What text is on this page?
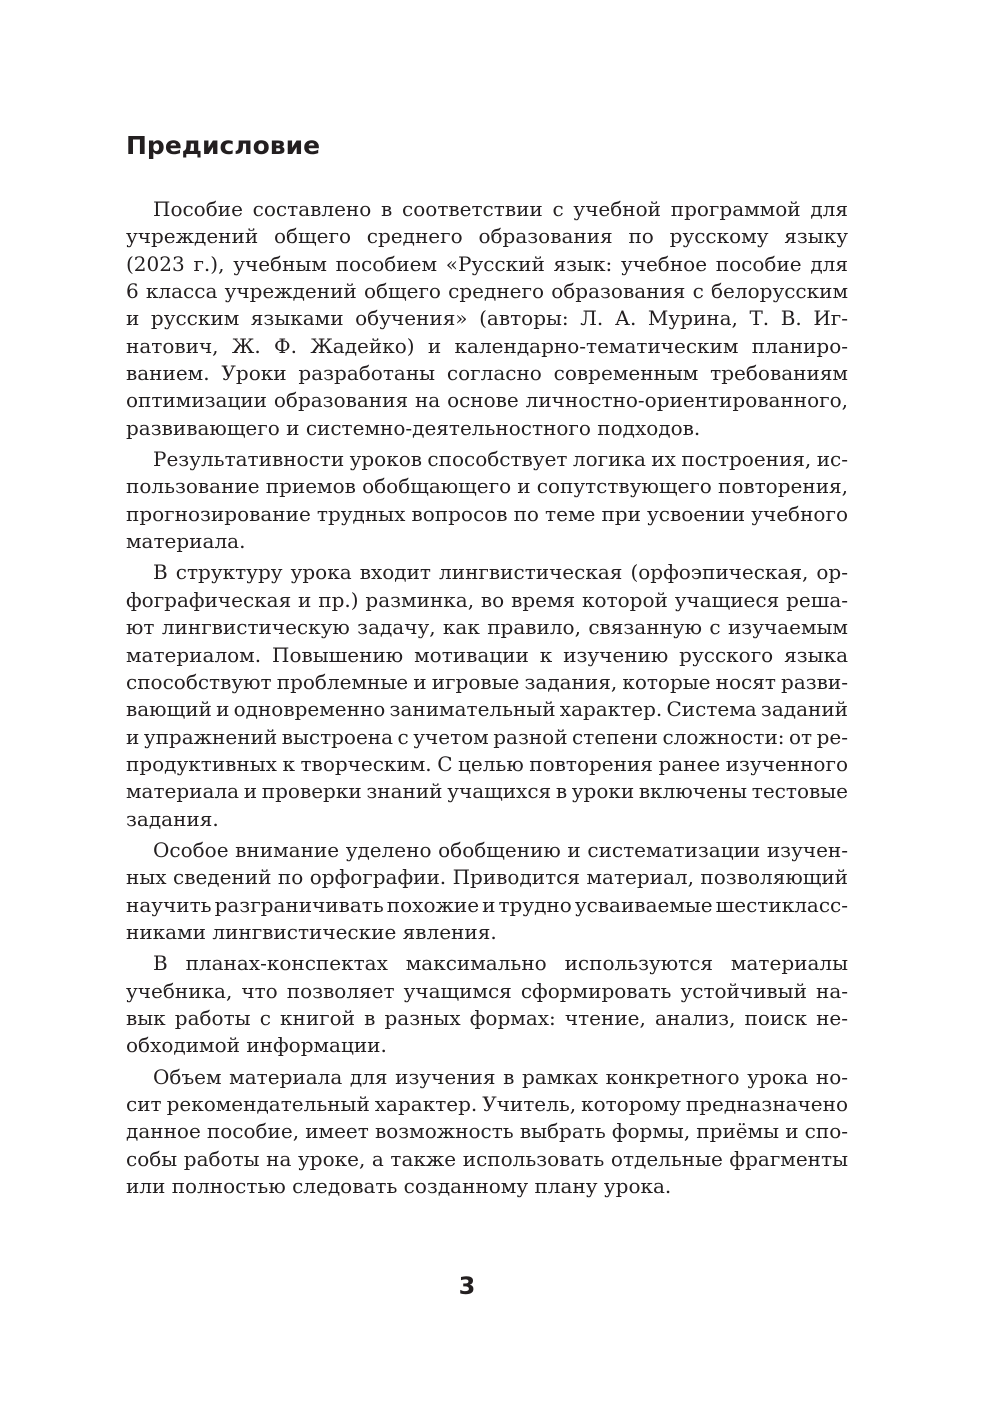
Предисловие
Пособие составлено в соответствии с учебной программой для
учреждений общего среднего образования по русскому языку
(2023 г.), учебным пособием «Русский язык: учебное пособие для
6 класса учреждений общего среднего образования с белорусским
и русским языками обучения» (авторы: Л. А. Мурина, Т. В. Иг-
натович, Ж. Ф. Жадейко) и календарно-тематическим планиро-
ванием. Уроки разработаны согласно современным требованиям
оптимизации образования на основе личностно-ориентированного,
развивающего и системно-деятельностного подходов.
Результативности уроков способствует логика их построения, ис-
пользование приемов обобщающего и сопутствующего повторения,
прогнозирование трудных вопросов по теме при усвоении учебного
материала.
В структуру урока входит лингвистическая (орфоэпическая, ор-
фографическая и пр.) разминка, во время которой учащиеся реша-
ют лингвистическую задачу, как правило, связанную с изучаемым
материалом. Повышению мотивации к изучению русского языка
способствуют проблемные и игровые задания, которые носят разви-
вающий и одновременно занимательный характер. Система заданий
и упражнений выстроена с учетом разной степени сложности: от ре-
продуктивных к творческим. С целью повторения ранее изученного
материала и проверки знаний учащихся в уроки включены тестовые
задания.
Особое внимание уделено обобщению и систематизации изучен-
ных сведений по орфографии. Приводится материал, позволяющий
научить разграничивать похожие и трудно усваиваемые шестикласс-
никами лингвистические явления.
В планах-конспектах максимально используются материалы
учебника, что позволяет учащимся сформировать устойчивый на-
вык работы с книгой в разных формах: чтение, анализ, поиск не-
обходимой информации.
Объем материала для изучения в рамках конкретного урока но-
сит рекомендательный характер. Учитель, которому предназначено
данное пособие, имеет возможность выбрать формы, приёмы и спо-
собы работы на уроке, а также использовать отдельные фрагменты
или полностью следовать созданному плану урока.
3
